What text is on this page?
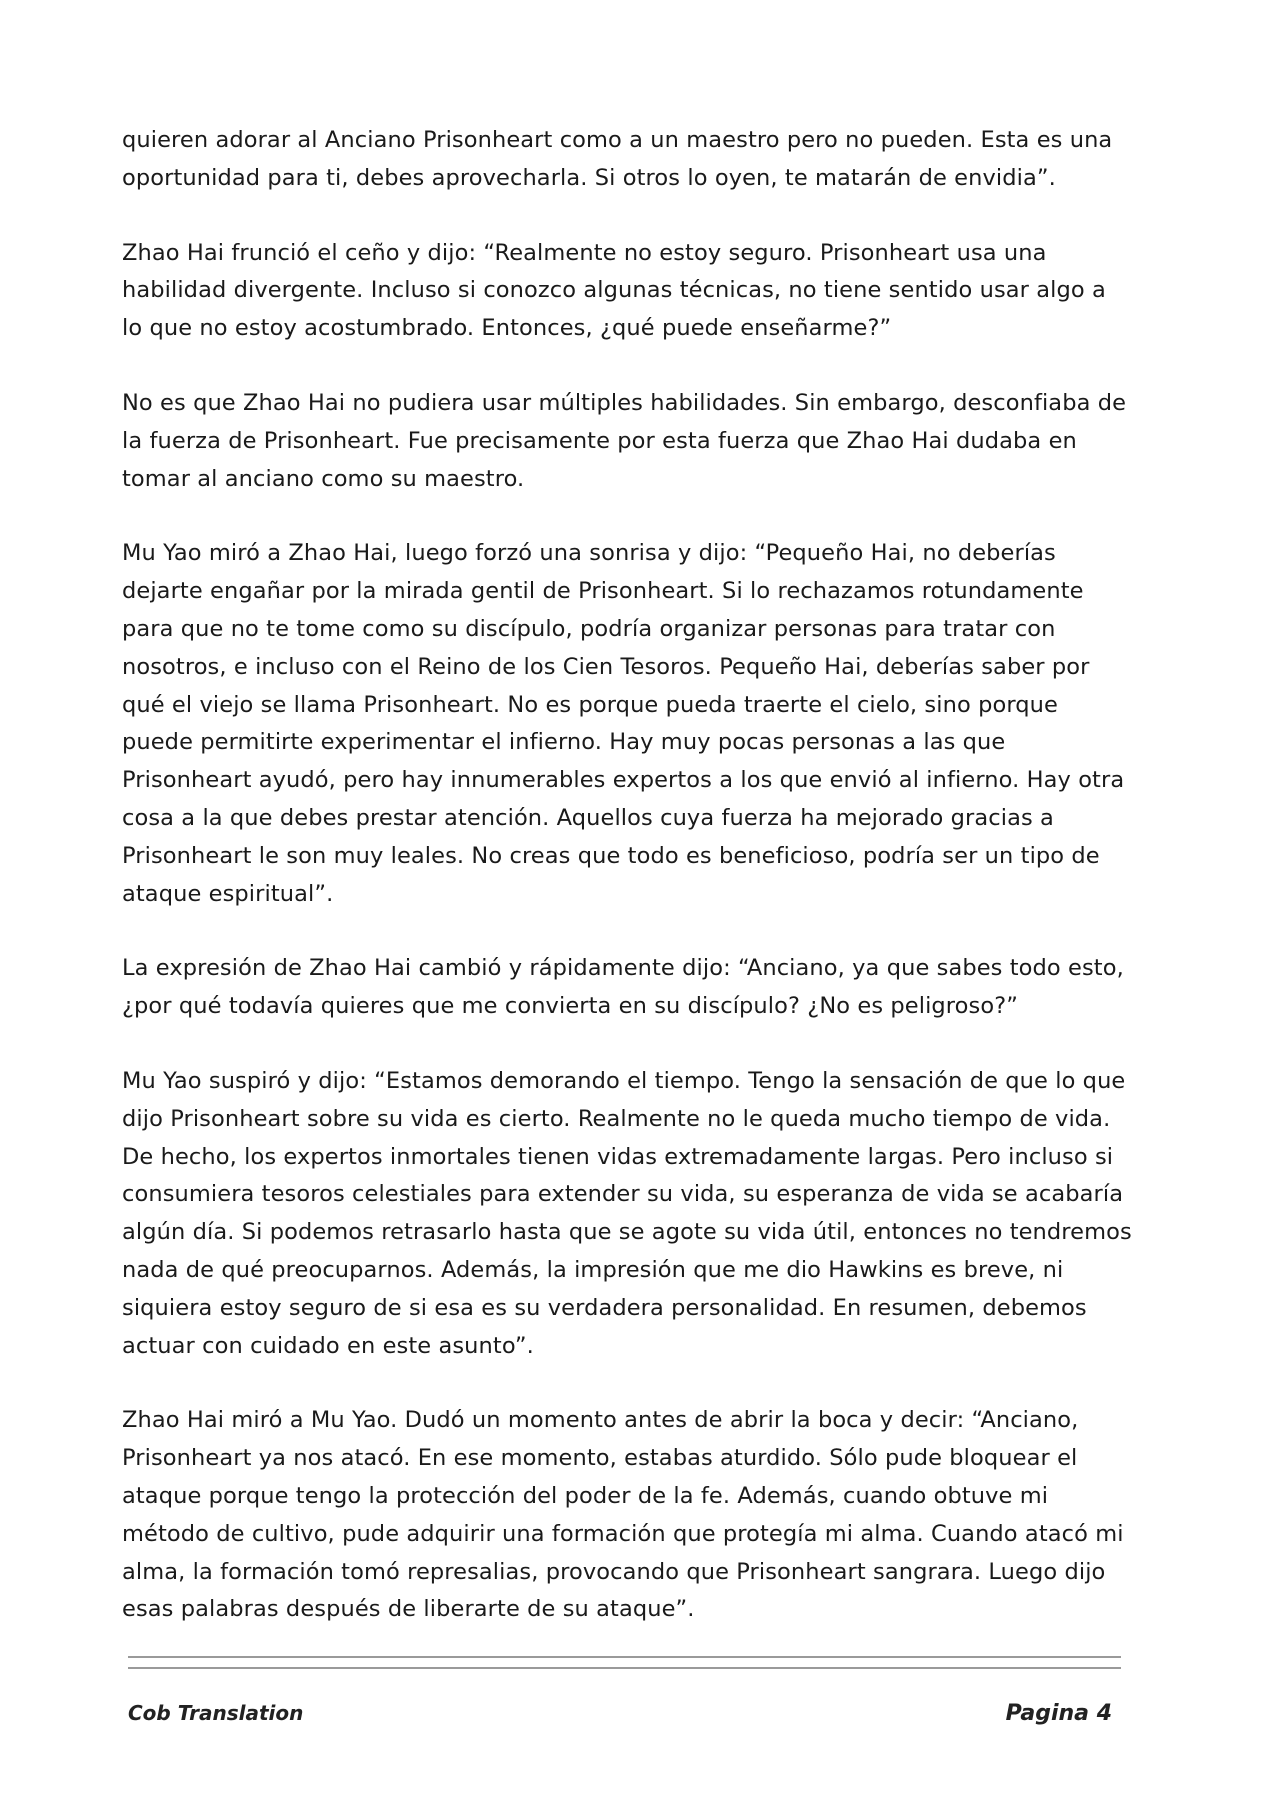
quieren adorar al Anciano Prisonheart como a un maestro pero no pueden. Esta es una oportunidad para ti, debes aprovecharla. Si otros lo oyen, te matarán de envidia”.

Zhao Hai frunció el ceño y dijo: “Realmente no estoy seguro. Prisonheart usa una habilidad divergente. Incluso si conozco algunas técnicas, no tiene sentido usar algo a lo que no estoy acostumbrado. Entonces, ¿qué puede enseñarme?”

No es que Zhao Hai no pudiera usar múltiples habilidades. Sin embargo, desconfiaba de la fuerza de Prisonheart. Fue precisamente por esta fuerza que Zhao Hai dudaba en tomar al anciano como su maestro.

Mu Yao miró a Zhao Hai, luego forzó una sonrisa y dijo: “Pequeño Hai, no deberías dejarte engañar por la mirada gentil de Prisonheart. Si lo rechazamos rotundamente para que no te tome como su discípulo, podría organizar personas para tratar con nosotros, e incluso con el Reino de los Cien Tesoros. Pequeño Hai, deberías saber por qué el viejo se llama Prisonheart. No es porque pueda traerte el cielo, sino porque puede permitirte experimentar el infierno. Hay muy pocas personas a las que Prisonheart ayudó, pero hay innumerables expertos a los que envió al infierno. Hay otra cosa a la que debes prestar atención. Aquellos cuya fuerza ha mejorado gracias a Prisonheart le son muy leales. No creas que todo es beneficioso, podría ser un tipo de ataque espiritual”.

La expresión de Zhao Hai cambió y rápidamente dijo: “Anciano, ya que sabes todo esto, ¿por qué todavía quieres que me convierta en su discípulo? ¿No es peligroso?”

Mu Yao suspiró y dijo: “Estamos demorando el tiempo. Tengo la sensación de que lo que dijo Prisonheart sobre su vida es cierto. Realmente no le queda mucho tiempo de vida. De hecho, los expertos inmortales tienen vidas extremadamente largas. Pero incluso si consumiera tesoros celestiales para extender su vida, su esperanza de vida se acabaría algún día. Si podemos retrasarlo hasta que se agote su vida útil, entonces no tendremos nada de qué preocuparnos. Además, la impresión que me dio Hawkins es breve, ni siquiera estoy seguro de si esa es su verdadera personalidad. En resumen, debemos actuar con cuidado en este asunto”.

Zhao Hai miró a Mu Yao. Dudó un momento antes de abrir la boca y decir: “Anciano, Prisonheart ya nos atacó. En ese momento, estabas aturdido. Sólo pude bloquear el ataque porque tengo la protección del poder de la fe. Además, cuando obtuve mi método de cultivo, pude adquirir una formación que protegía mi alma. Cuando atacó mi alma, la formación tomó represalias, provocando que Prisonheart sangrara. Luego dijo esas palabras después de liberarte de su ataque”.

Cob Translation	Pagina 4
